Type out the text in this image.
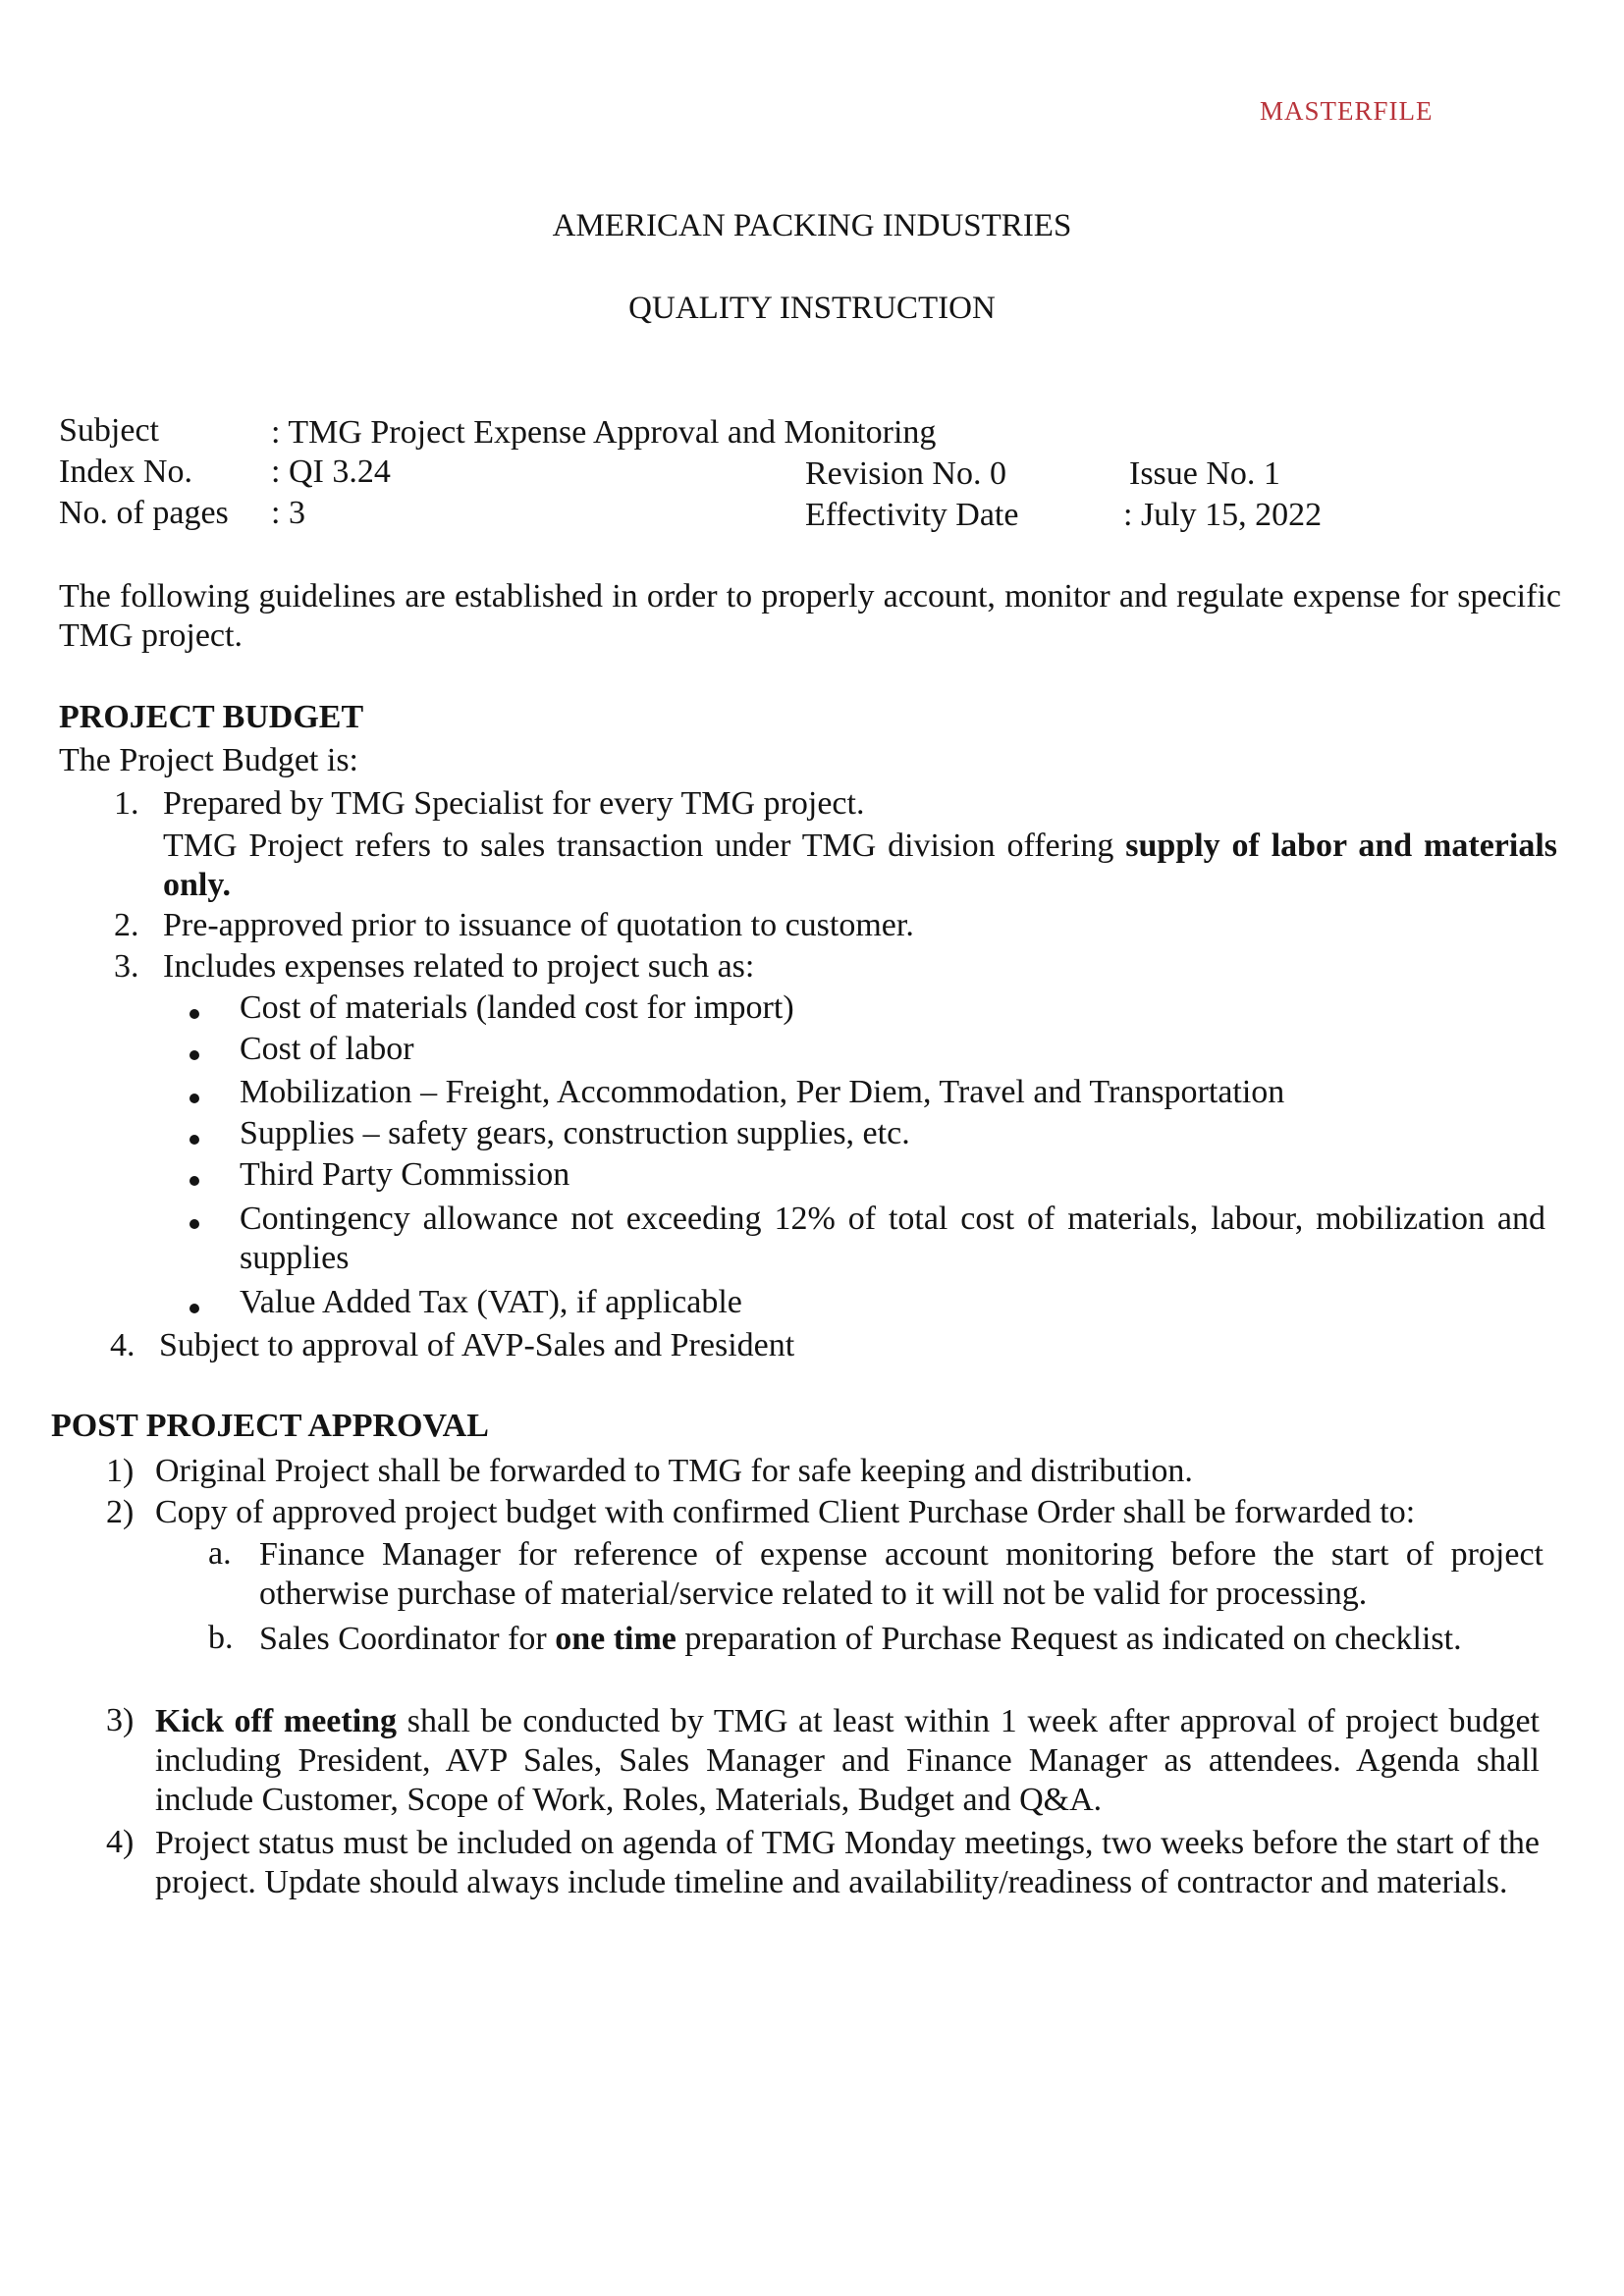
MASTERFILE
AMERICAN PACKING INDUSTRIES
QUALITY INSTRUCTION
Subject	: TMG Project Expense Approval and Monitoring
Index No. : QI 3.24	Revision No. 0	Issue No. 1
No. of pages : 3	Effectivity Date	: July 15, 2022
The following guidelines are established in order to properly account, monitor and regulate expense for specific TMG project.
PROJECT BUDGET
The Project Budget is:
1. Prepared by TMG Specialist for every TMG project.
TMG Project refers to sales transaction under TMG division offering supply of labor and materials only.
2. Pre-approved prior to issuance of quotation to customer.
3. Includes expenses related to project such as:
Cost of materials (landed cost for import)
Cost of labor
Mobilization – Freight, Accommodation, Per Diem, Travel and Transportation
Supplies – safety gears, construction supplies, etc.
Third Party Commission
Contingency allowance not exceeding 12% of total cost of materials, labour, mobilization and supplies
Value Added Tax (VAT), if applicable
4. Subject to approval of AVP-Sales and President
POST PROJECT APPROVAL
1) Original Project shall be forwarded to TMG for safe keeping and distribution.
2) Copy of approved project budget with confirmed Client Purchase Order shall be forwarded to:
a. Finance Manager for reference of expense account monitoring before the start of project otherwise purchase of material/service related to it will not be valid for processing.
b. Sales Coordinator for one time preparation of Purchase Request as indicated on checklist.
3) Kick off meeting shall be conducted by TMG at least within 1 week after approval of project budget including President, AVP Sales, Sales Manager and Finance Manager as attendees. Agenda shall include Customer, Scope of Work, Roles, Materials, Budget and Q&A.
4) Project status must be included on agenda of TMG Monday meetings, two weeks before the start of the project. Update should always include timeline and availability/readiness of contractor and materials.
